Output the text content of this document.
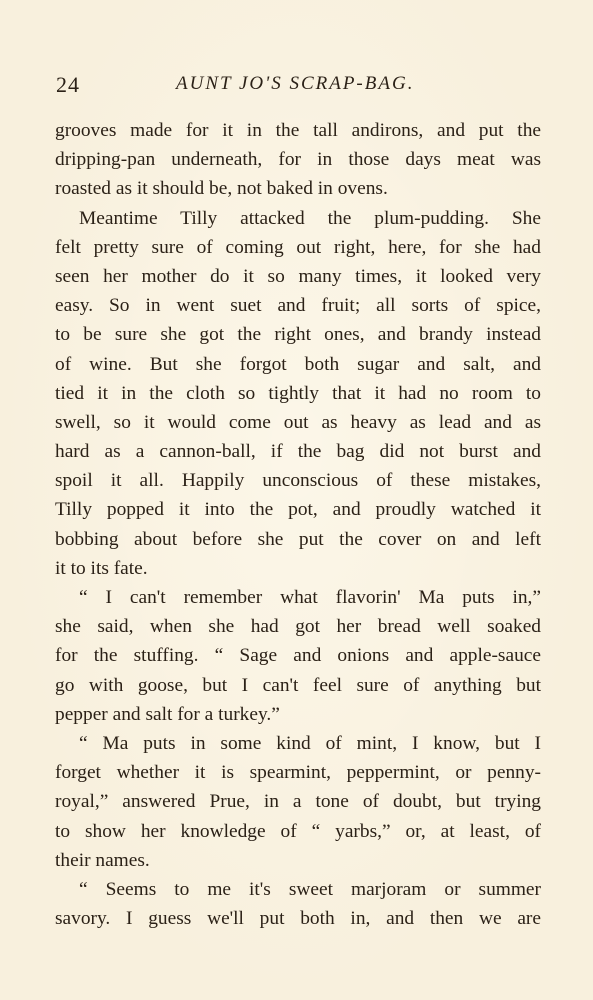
24	AUNT JO'S SCRAP-BAG.
grooves made for it in the tall andirons, and put the
dripping-pan underneath, for in those days meat was
roasted as it should be, not baked in ovens.
Meantime Tilly attacked the plum-pudding. She
felt pretty sure of coming out right, here, for she had
seen her mother do it so many times, it looked very
easy. So in went suet and fruit; all sorts of spice,
to be sure she got the right ones, and brandy instead
of wine. But she forgot both sugar and salt, and
tied it in the cloth so tightly that it had no room to
swell, so it would come out as heavy as lead and as
hard as a cannon-ball, if the bag did not burst and
spoil it all. Happily unconscious of these mistakes,
Tilly popped it into the pot, and proudly watched it
bobbing about before she put the cover on and left
it to its fate.
“ I can't remember what flavorin' Ma puts in,”
she said, when she had got her bread well soaked
for the stuffing. “ Sage and onions and apple-sauce
go with goose, but I can't feel sure of anything but
pepper and salt for a turkey.”
“ Ma puts in some kind of mint, I know, but I
forget whether it is spearmint, peppermint, or penny-
royal,” answered Prue, in a tone of doubt, but trying
to show her knowledge of “ yarbs,” or, at least, of
their names.
“ Seems to me it's sweet marjoram or summer
savory. I guess we'll put both in, and then we are
